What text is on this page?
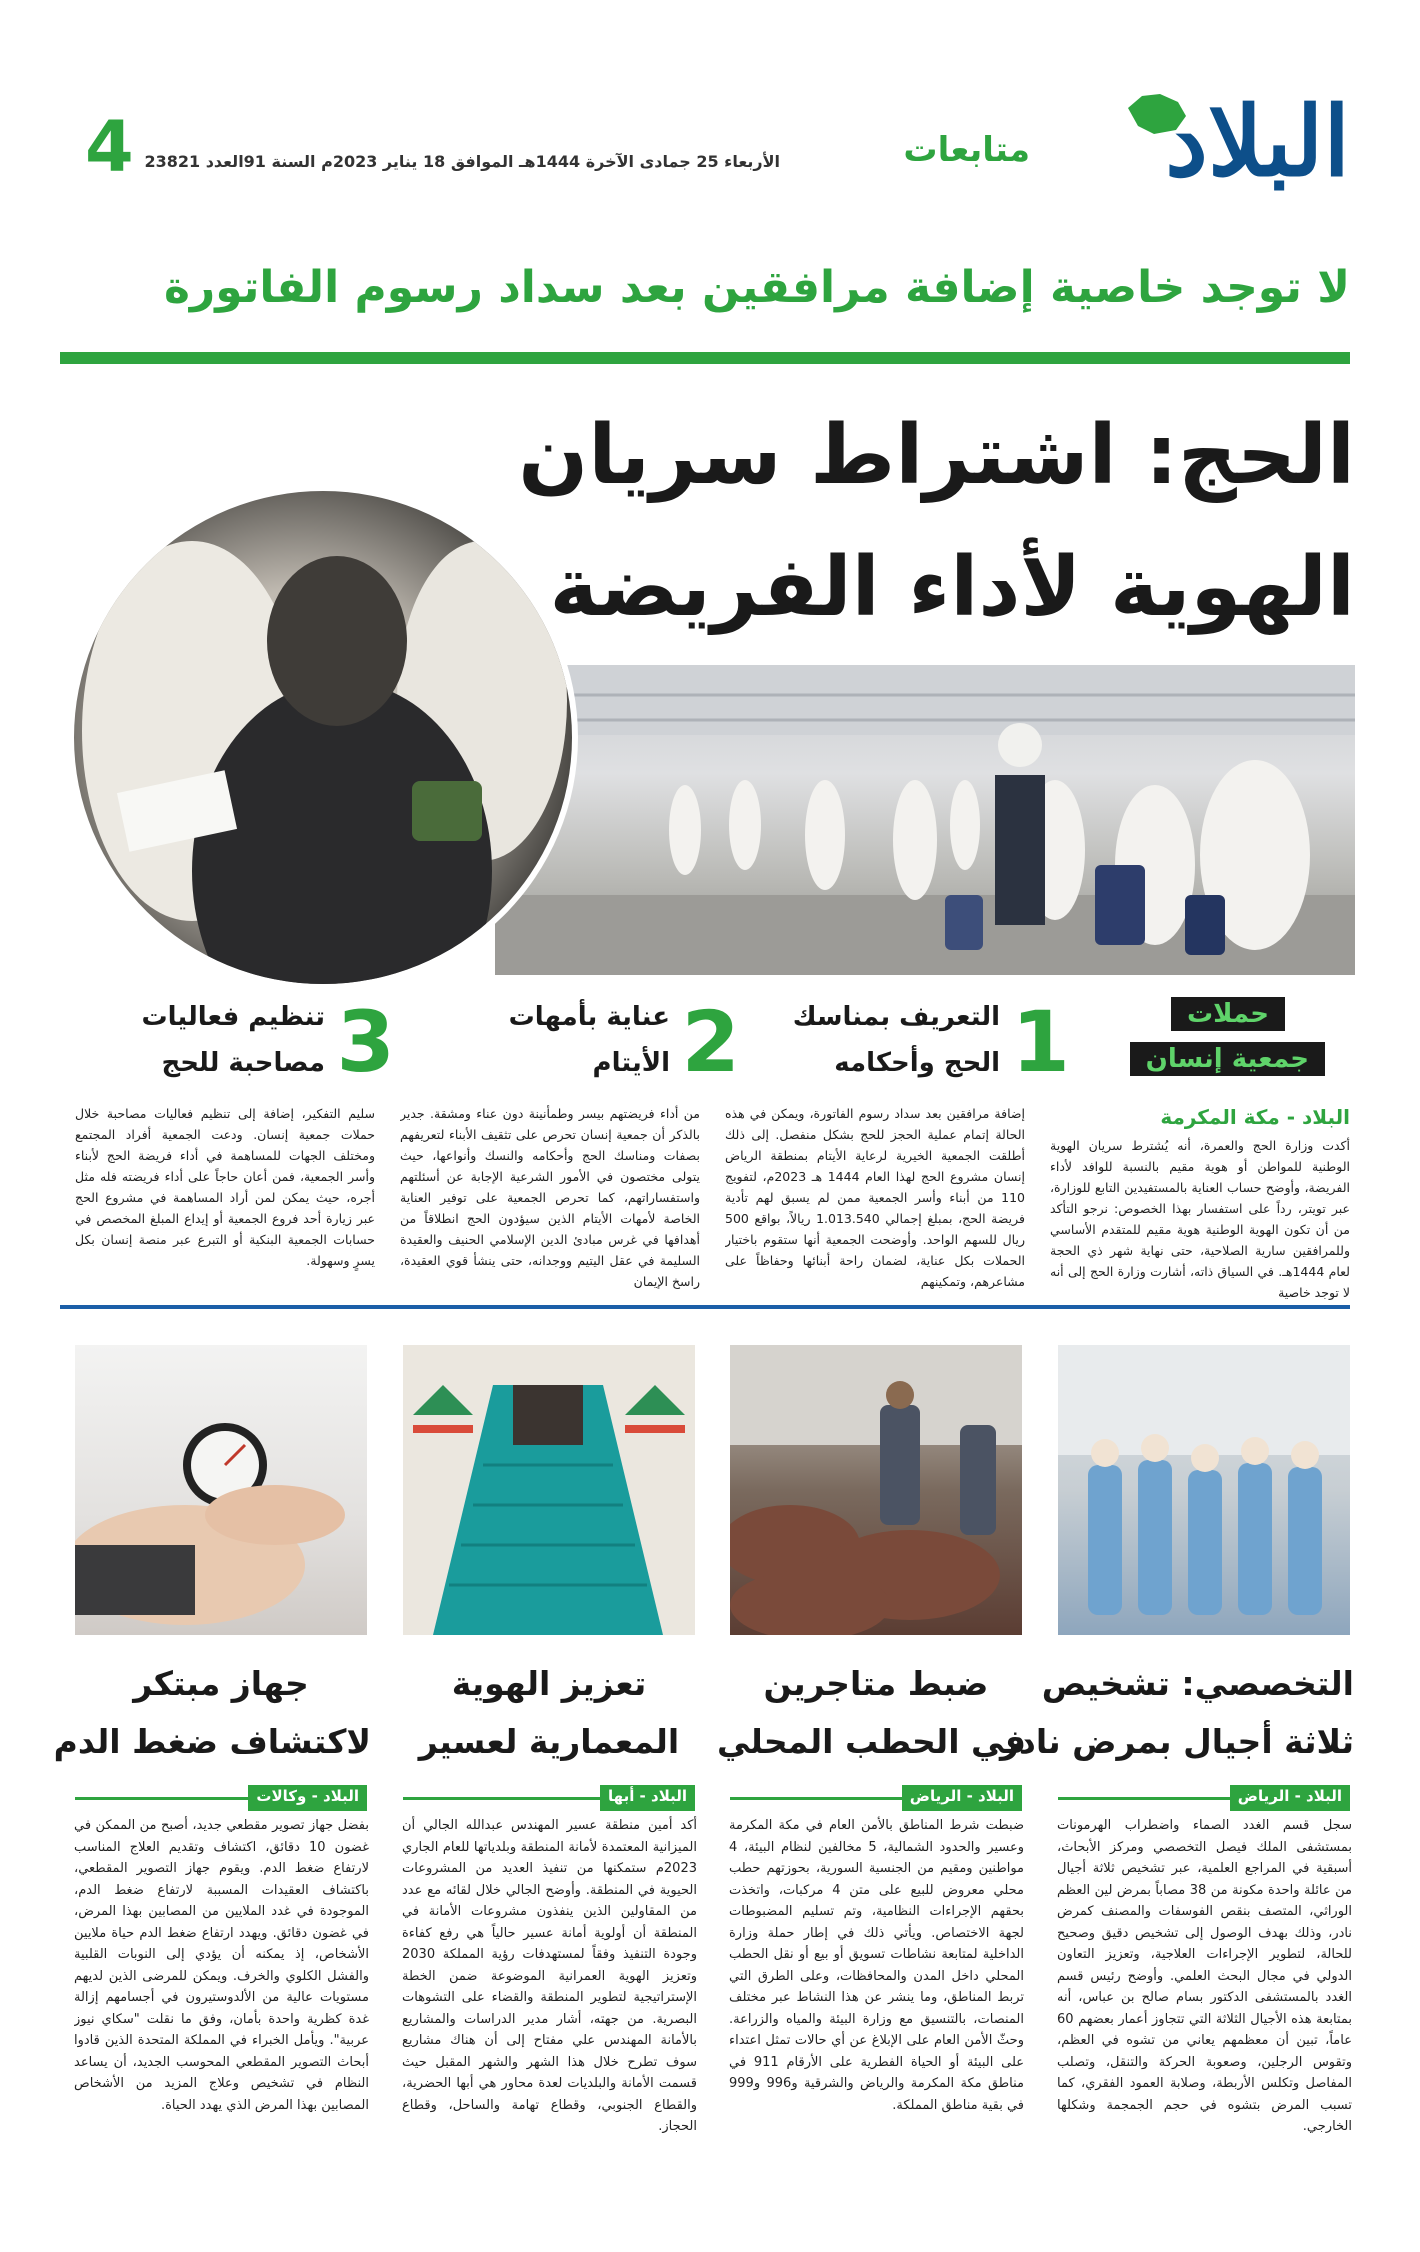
البلاد
متابعات
الأربعاء 25 جمادى الآخرة 1444هـ الموافق 18 يناير 2023م السنة 91العدد 23821
4
لا توجد خاصية إضافة مرافقين بعد سداد رسوم الفاتورة
الحج: اشتراط سريان
الهوية لأداء الفريضة
حملات
جمعية إنسان
1
التعريف بمناسك
الحج وأحكامه
2
عناية بأمهات
الأيتام
3
تنظيم فعاليات
مصاحبة للحج
البلاد - مكة المكرمة
أكدت وزارة الحج والعمرة، أنه يُشترط سريان الهوية الوطنية للمواطن أو هوية مقيم بالنسبة للوافد لأداء الفريضة، وأوضح حساب العناية بالمستفيدين التابع للوزارة، عبر تويتر، رداً على استفسار بهذا الخصوص: نرجو التأكد من أن تكون الهوية الوطنية هوية مقيم للمتقدم الأساسي وللمرافقين سارية الصلاحية، حتى نهاية شهر ذي الحجة لعام 1444هـ. في السياق ذاته، أشارت وزارة الحج إلى أنه لا توجد خاصية
إضافة مرافقين بعد سداد رسوم الفاتورة، ويمكن في هذه الحالة إتمام عملية الحجز للحج بشكل منفصل. إلى ذلك أطلقت الجمعية الخيرية لرعاية الأيتام بمنطقة الرياض إنسان مشروع الحج لهذا العام 1444 هـ 2023م، لتفويج 110 من أبناء وأسر الجمعية ممن لم يسبق لهم تأدية فريضة الحج، بمبلغ إجمالي 1.013.540 ريالاً، بواقع 500 ريال للسهم الواحد. وأوضحت الجمعية أنها ستقوم باختيار الحملات بكل عناية، لضمان راحة أبنائها وحفاظاً على مشاعرهم، وتمكينهم
من أداء فريضتهم بيسر وطمأنينة دون عناء ومشقة. جدير بالذكر أن جمعية إنسان تحرص على تثقيف الأبناء لتعريفهم بصفات ومناسك الحج وأحكامه والنسك وأنواعها، حيث يتولى مختصون في الأمور الشرعية الإجابة عن أسئلتهم واستفساراتهم، كما تحرص الجمعية على توفير العناية الخاصة لأمهات الأيتام الذين سيؤدون الحج انطلاقاً من أهدافها في غرس مبادئ الدين الإسلامي الحنيف والعقيدة السليمة في عقل اليتيم ووجدانه، حتى ينشأ قوي العقيدة، راسخ الإيمان
سليم التفكير، إضافة إلى تنظيم فعاليات مصاحبة خلال حملات جمعية إنسان. ودعت الجمعية أفراد المجتمع ومختلف الجهات للمساهمة في أداء فريضة الحج لأبناء وأسر الجمعية، فمن أعان حاجاً على أداء فريضته فله مثل أجره، حيث يمكن لمن أراد المساهمة في مشروع الحج عبر زيارة أحد فروع الجمعية أو إيداع المبلغ المخصص في حسابات الجمعية البنكية أو التبرع عبر منصة إنسان بكل يسرٍ وسهولة.
التخصصي: تشخيص
ثلاثة أجيال بمرض نادر
ضبط متاجرين
في الحطب المحلي
تعزيز الهوية
المعمارية لعسير
جهاز مبتكر
لاكتشاف ضغط الدم
البلاد - الرياض
البلاد - الرياض
البلاد - أبها
البلاد - وكالات
سجل قسم الغدد الصماء واضطراب الهرمونات بمستشفى الملك فيصل التخصصي ومركز الأبحاث، أسبقية في المراجع العلمية، عبر تشخيص ثلاثة أجيال من عائلة واحدة مكونة من 38 مصاباً بمرض لين العظم الوراثي، المتصف بنقص الفوسفات والمصنف كمرض نادر، وذلك بهدف الوصول إلى تشخيص دقيق وصحيح للحالة، لتطوير الإجراءات العلاجية، وتعزيز التعاون الدولي في مجال البحث العلمي. وأوضح رئيس قسم الغدد بالمستشفى الدكتور بسام صالح بن عباس، أنه بمتابعة هذه الأجيال الثلاثة التي تتجاوز أعمار بعضهم 60 عاماً، تبين أن معظمهم يعاني من تشوه في العظم، وتقوس الرجلين، وصعوبة الحركة والتنقل، وتصلب المفاصل وتكلس الأربطة، وصلابة العمود الفقري، كما تسبب المرض بتشوه في حجم الجمجمة وشكلها الخارجي.
ضبطت شرط المناطق بالأمن العام في مكة المكرمة وعسير والحدود الشمالية، 5 مخالفين لنظام البيئة، 4 مواطنين ومقيم من الجنسية السورية، بحوزتهم حطب محلي معروض للبيع على متن 4 مركبات، واتخذت بحقهم الإجراءات النظامية، وتم تسليم المضبوطات لجهة الاختصاص. ويأتي ذلك في إطار حملة وزارة الداخلية لمتابعة نشاطات تسويق أو بيع أو نقل الحطب المحلي داخل المدن والمحافظات، وعلى الطرق التي تربط المناطق، وما ينشر عن هذا النشاط عبر مختلف المنصات، بالتنسيق مع وزارة البيئة والمياه والزراعة. وحثّ الأمن العام على الإبلاغ عن أي حالات تمثل اعتداء على البيئة أو الحياة الفطرية على الأرقام 911 في مناطق مكة المكرمة والرياض والشرقية و996 و999 في بقية مناطق المملكة.
أكد أمين منطقة عسير المهندس عبدالله الجالي أن الميزانية المعتمدة لأمانة المنطقة وبلدياتها للعام الجاري 2023م ستمكنها من تنفيذ العديد من المشروعات الحيوية في المنطقة. وأوضح الجالي خلال لقائه مع عدد من المقاولين الذين ينفذون مشروعات الأمانة في المنطقة أن أولوية أمانة عسير حالياً هي رفع كفاءة وجودة التنفيذ وفقاً لمستهدفات رؤية المملكة 2030 وتعزيز الهوية العمرانية الموضوعة ضمن الخطة الإستراتيجية لتطوير المنطقة والقضاء على التشوهات البصرية. من جهته، أشار مدير الدراسات والمشاريع بالأمانة المهندس علي مفتاح إلى أن هناك مشاريع سوف تطرح خلال هذا الشهر والشهر المقبل حيث قسمت الأمانة والبلديات لعدة محاور هي أبها الحضرية، والقطاع الجنوبي، وقطاع تهامة والساحل، وقطاع الحجاز.
بفضل جهاز تصوير مقطعي جديد، أصبح من الممكن في غضون 10 دقائق، اكتشاف وتقديم العلاج المناسب لارتفاع ضغط الدم. ويقوم جهاز التصوير المقطعي، باكتشاف العقيدات المسببة لارتفاع ضغط الدم، الموجودة في غدد الملايين من المصابين بهذا المرض، في غضون دقائق. ويهدد ارتفاع ضغط الدم حياة ملايين الأشخاص، إذ يمكنه أن يؤدي إلى النوبات القلبية والفشل الكلوي والخرف. ويمكن للمرضى الذين لديهم مستويات عالية من الألدوستيرون في أجسامهم إزالة غدة كظرية واحدة بأمان، وفق ما نقلت "سكاي نيوز عربية". ويأمل الخبراء في المملكة المتحدة الذين قادوا أبحاث التصوير المقطعي المحوسب الجديد، أن يساعد النظام في تشخيص وعلاج المزيد من الأشخاص المصابين بهذا المرض الذي يهدد الحياة.
